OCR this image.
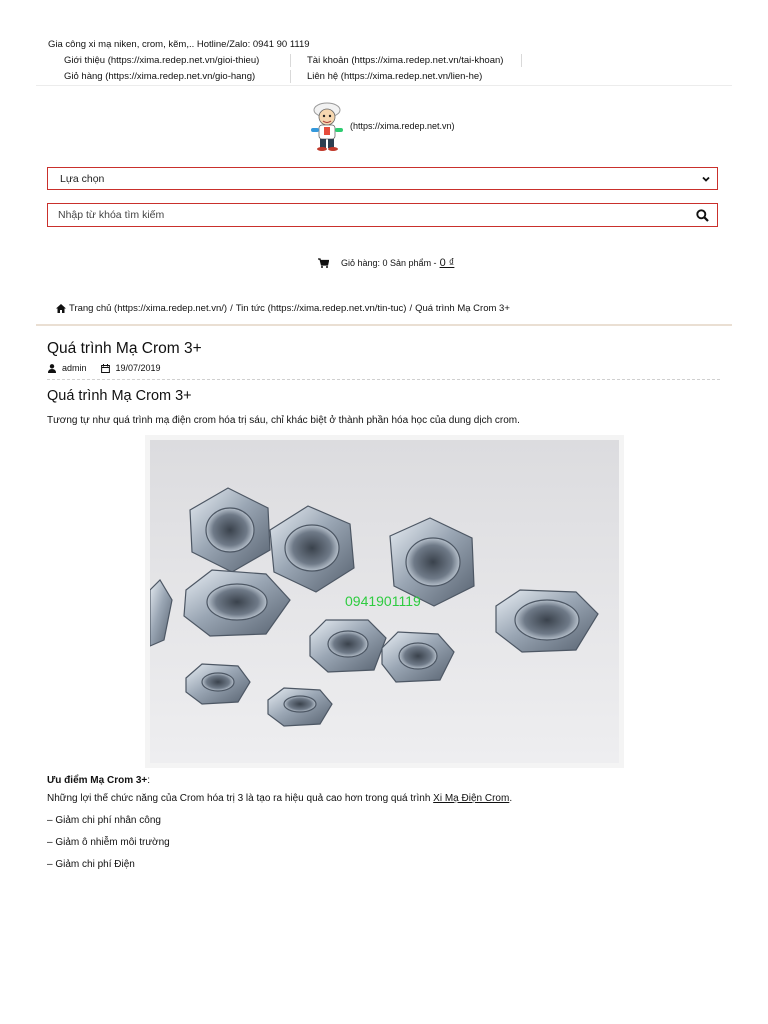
Gia công xi mạ niken, crom, kẽm,.. Hotline/Zalo: 0941 90 1119
Giới thiệu (https://xima.redep.net.vn/gioi-thieu)	Tài khoản (https://xima.redep.net.vn/tai-khoan)
Giỏ hàng (https://xima.redep.net.vn/gio-hang)	Liên hệ (https://xima.redep.net.vn/lien-he)
(https://xima.redep.net.vn)
Lựa chọn
Nhập từ khóa tìm kiếm
Giỏ hàng: 0 Sản phẩm - 0 ₫
Trang chủ (https://xima.redep.net.vn/) / Tin tức (https://xima.redep.net.vn/tin-tuc) / Quá trình Mạ Crom 3+
Quá trình Mạ Crom 3+
admin	19/07/2019
Quá trình Mạ Crom 3+
Tương tự như quá trình mạ điện crom hóa trị sáu, chỉ khác biệt ở thành phần hóa học của dung dịch crom.
0941901119
Ưu điểm Mạ Crom 3+:
Những lợi thế chức năng của Crom hóa trị 3 là tạo ra hiệu quả cao hơn trong quá trình Xi Mạ Điện Crom.
– Giảm chi phí nhân công
– Giảm ô nhiễm môi trường
– Giảm chi phí Điện
